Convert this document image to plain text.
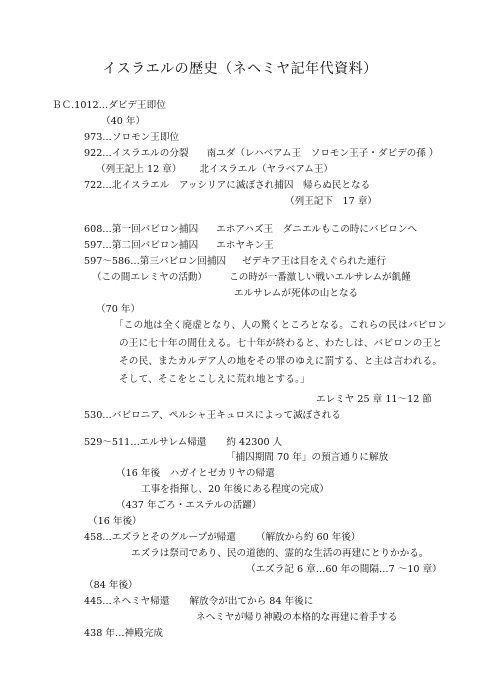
イスラエルの歴史（ネヘミヤ記年代資料）
ＢＣ.1012…ダビデ王即位
（40 年）
973…ソロモン王即位
922…イスラエルの分裂 南ユダ（レハベアム王　ソロモン王子・ダビデの孫 ）
（列王記上 12 章） 北イスラエル（ヤラベアム王）
722…北イスラエル　アッシリアに滅ぼされ捕囚　帰らぬ民となる
（列王記下　17 章）
608…第一回バビロン捕囚 エホアハズ王　ダニエルもこの時にバビロンへ
597…第二回バビロン捕囚 エホヤキン王
597～586…第三バビロン回捕囚 ゼデキア王は目をえぐられた連行
（この間エレミヤの活動） この時が一番激しい戦いエルサレムが飢饉
エルサレムが死体の山となる
（70 年）
「この地は全く廃虚となり、人の驚くところとなる。これらの民はバビロン
の王に七十年の間仕える。七十年が終わると、わたしは、バビロンの王と
その民、またカルデア人の地をその罪のゆえに罰する、と主は言われる。
そして、そこをとこしえに荒れ地とする。」
エレミヤ 25 章 11～12 節
530…バビロニア、ペルシャ王キュロスによって滅ぼされる
529～511…エルサレム帰還 約 42300 人
「捕囚期間 70 年」の預言通りに解放
（16 年後　ハガイとゼカリヤの帰還
工事を指揮し、20 年後にある程度の完成）
（437 年ごろ・エステルの活躍）
（16 年後）
458…エズラとそのグループが帰還 （解放から約 60 年後）
エズラは祭司であり、民の道徳的、霊的な生活の再建にとりかかる。
（エズラ記 6 章…60 年の間隔…7 ～10 章）
（84 年後）
445…ネヘミヤ帰還 解放令が出てから 84 年後に
ネヘミヤが帰り神殿の本格的な再建に着手する
438 年…神殿完成
